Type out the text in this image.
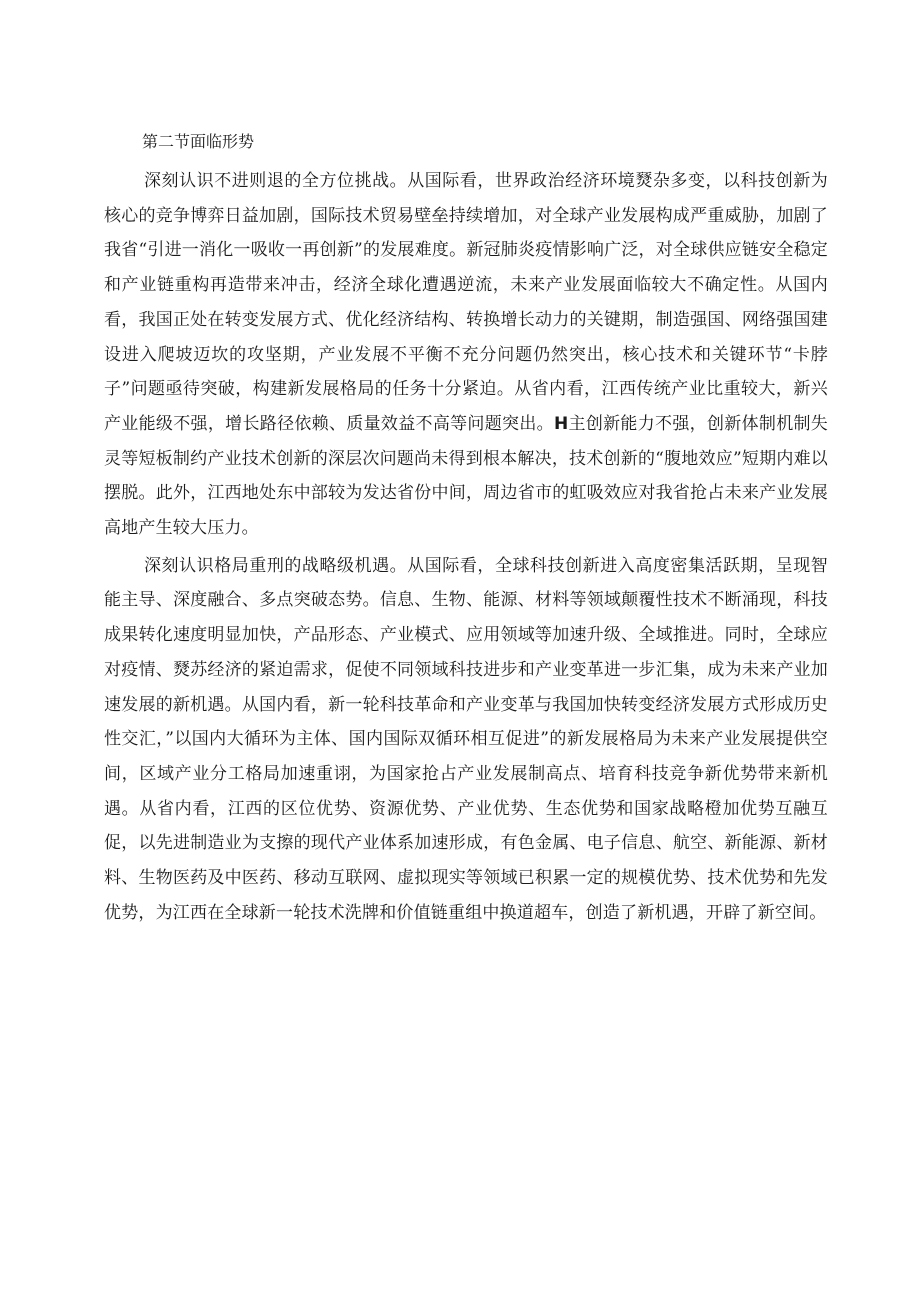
第二节面临形势

深刻认识不进则退的全方位挑战。从国际看，世界政治经济环境燹杂多变，以科技创新为核心的竞争博弈日益加剧，国际技术贸易壁垒持续增加，对全球产业发展构成严重威胁，加剧了我省“引进一消化一吸收一再创新”的发展难度。新冠肺炎疫情影响广泛，对全球供应链安全稳定和产业链重构再造带来冲击，经济全球化遭遇逆流，未来产业发展面临较大不确定性。从国内看，我国正处在转变发展方式、优化经济结构、转换增长动力的关键期，制造强国、网络强国建设进入爬坡迈坎的攻坚期，产业发展不平衡不充分问题仍然突出，核心技术和关键环节“卡脖子”问题亟待突破，构建新发展格局的任务十分紧迫。从省内看，江西传统产业比重较大，新兴产业能级不强，增长路径依赖、质量效益不高等问题突出。H主创新能力不强，创新体制机制失灵等短板制约产业技术创新的深层次问题尚未得到根本解决，技术创新的“腹地效应”短期内难以摆脱。此外，江西地处东中部较为发达省份中间，周边省市的虹吸效应对我省抢占未来产业发展高地产生较大压力。

深刻认识格局重刑的战略级机遇。从国际看，全球科技创新进入高度密集活跃期，呈现智能主导、深度融合、多点突破态势。信息、生物、能源、材料等领域颠覆性技术不断涌现，科技成果转化速度明显加快，产品形态、产业模式、应用领域等加速升级、全域推进。同时，全球应对疫情、燹苏经济的紧迫需求，促使不同领域科技进步和产业变革进一步汇集，成为未来产业加速发展的新机遇。从国内看，新一轮科技革命和产业变革与我国加快转变经济发展方式形成历史性交汇，”以国内大循环为主体、国内国际双循环相互促进”的新发展格局为未来产业发展提供空间，区域产业分工格局加速重诩，为国家抢占产业发展制高点、培育科技竞争新优势带来新机遇。从省内看，江西的区位优势、资源优势、产业优势、生态优势和国家战略橙加优势互融互促，以先进制造业为支擦的现代产业体系加速形成，有色金属、电子信息、航空、新能源、新材料、生物医药及中医药、移动互联网、虚拟现实等领域已积累一定的规模优势、技术优势和先发优势，为江西在全球新一轮技术洗牌和价值链重组中换道超车，创造了新机遇，开辟了新空间。
